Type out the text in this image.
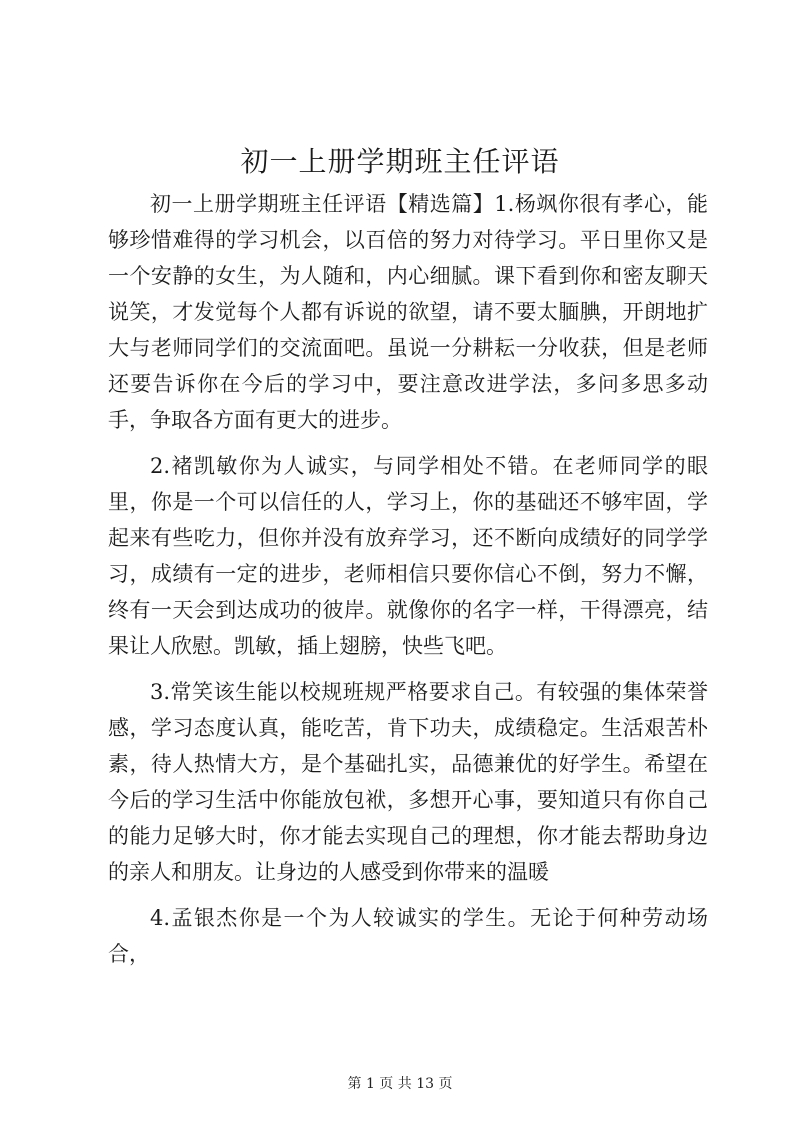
初一上册学期班主任评语

初一上册学期班主任评语【精选篇】1.杨飒你很有孝心，能够珍惜难得的学习机会，以百倍的努力对待学习。平日里你又是一个安静的女生，为人随和，内心细腻。课下看到你和密友聊天说笑，才发觉每个人都有诉说的欲望，请不要太腼腆，开朗地扩大与老师同学们的交流面吧。虽说一分耕耘一分收获，但是老师还要告诉你在今后的学习中，要注意改进学法，多问多思多动手，争取各方面有更大的进步。

2.褚凯敏你为人诚实，与同学相处不错。在老师同学的眼里，你是一个可以信任的人，学习上，你的基础还不够牢固，学起来有些吃力，但你并没有放弃学习，还不断向成绩好的同学学习，成绩有一定的进步，老师相信只要你信心不倒，努力不懈，终有一天会到达成功的彼岸。就像你的名字一样，干得漂亮，结果让人欣慰。凯敏，插上翅膀，快些飞吧。

3.常笑该生能以校规班规严格要求自己。有较强的集体荣誉感，学习态度认真，能吃苦，肯下功夫，成绩稳定。生活艰苦朴素，待人热情大方，是个基础扎实，品德兼优的好学生。希望在今后的学习生活中你能放包袱，多想开心事，要知道只有你自己的能力足够大时，你才能去实现自己的理想，你才能去帮助身边的亲人和朋友。让身边的人感受到你带来的温暖

4.孟银杰你是一个为人较诚实的学生。无论于何种劳动场合，

第 1 页 共 13 页
